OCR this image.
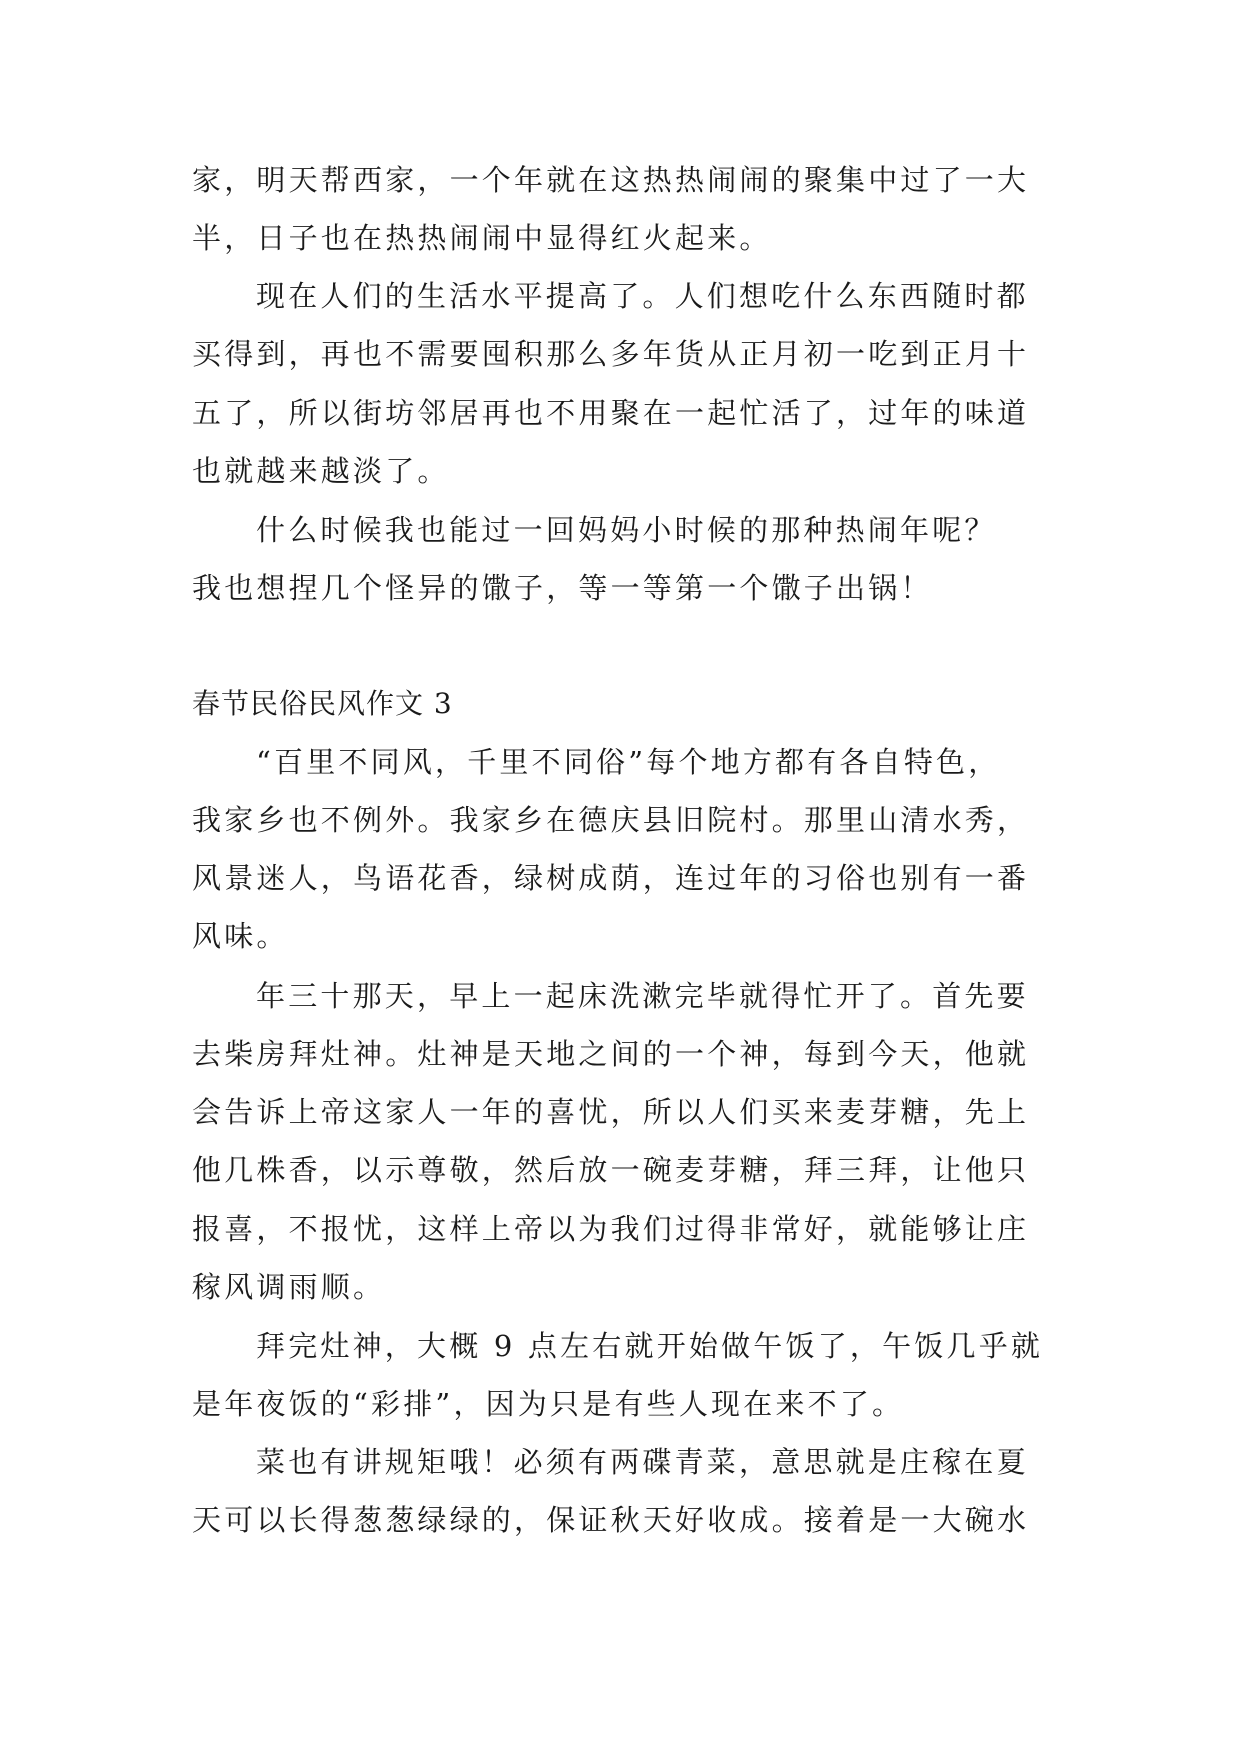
家，明天帮西家，一个年就在这热热闹闹的聚集中过了一大
半，日子也在热热闹闹中显得红火起来。
现在人们的生活水平提高了。人们想吃什么东西随时都
买得到，再也不需要囤积那么多年货从正月初一吃到正月十
五了，所以街坊邻居再也不用聚在一起忙活了，过年的味道
也就越来越淡了。
什么时候我也能过一回妈妈小时候的那种热闹年呢？
我也想捏几个怪异的馓子，等一等第一个馓子出锅！
春节民俗民风作文 3
“百里不同风，千里不同俗”每个地方都有各自特色，
我家乡也不例外。我家乡在德庆县旧院村。那里山清水秀，
风景迷人，鸟语花香，绿树成荫，连过年的习俗也别有一番
风味。
年三十那天，早上一起床洗漱完毕就得忙开了。首先要
去柴房拜灶神。灶神是天地之间的一个神，每到今天，他就
会告诉上帝这家人一年的喜忧，所以人们买来麦芽糖，先上
他几株香，以示尊敬，然后放一碗麦芽糖，拜三拜，让他只
报喜，不报忧，这样上帝以为我们过得非常好，就能够让庄
稼风调雨顺。
拜完灶神，大概 9 点左右就开始做午饭了，午饭几乎就
是年夜饭的“彩排”，因为只是有些人现在来不了。
菜也有讲规矩哦！必须有两碟青菜，意思就是庄稼在夏
天可以长得葱葱绿绿的，保证秋天好收成。接着是一大碗水
